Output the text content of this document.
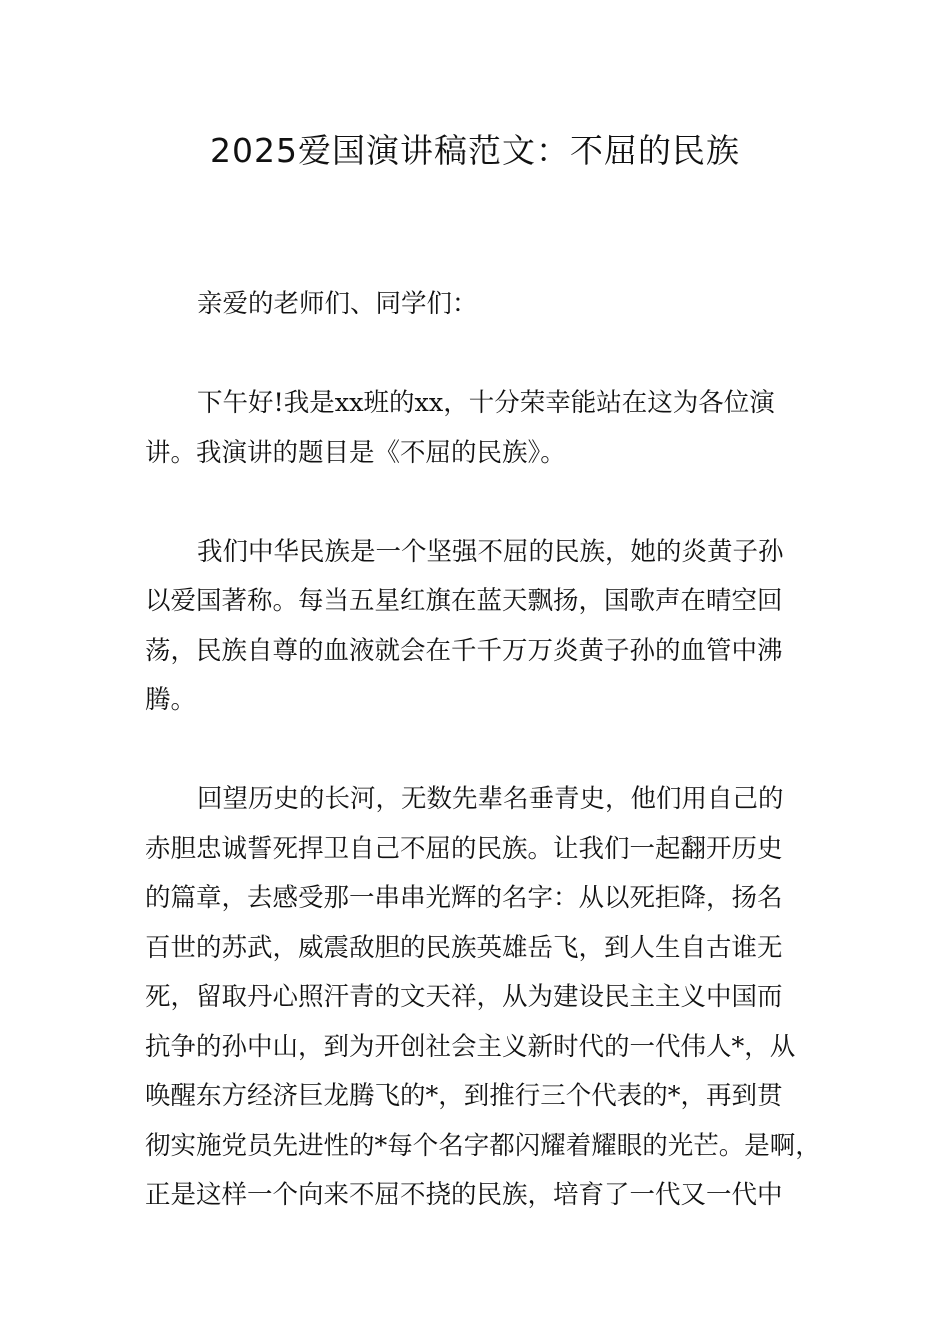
2025爱国演讲稿范文：不屈的民族
亲爱的老师们、同学们：
下午好!我是xx班的xx，十分荣幸能站在这为各位演
讲。我演讲的题目是《不屈的民族》。
我们中华民族是一个坚强不屈的民族，她的炎黄子孙
以爱国著称。每当五星红旗在蓝天飘扬，国歌声在晴空回
荡，民族自尊的血液就会在千千万万炎黄子孙的血管中沸
腾。
回望历史的长河，无数先辈名垂青史，他们用自己的
赤胆忠诚誓死捍卫自己不屈的民族。让我们一起翻开历史
的篇章，去感受那一串串光辉的名字：从以死拒降，扬名
百世的苏武，威震敌胆的民族英雄岳飞，到人生自古谁无
死，留取丹心照汗青的文天祥，从为建设民主主义中国而
抗争的孙中山，到为开创社会主义新时代的一代伟人*，从
唤醒东方经济巨龙腾飞的*，到推行三个代表的*，再到贯
彻实施党员先进性的*每个名字都闪耀着耀眼的光芒。是啊，
正是这样一个向来不屈不挠的民族，培育了一代又一代中
